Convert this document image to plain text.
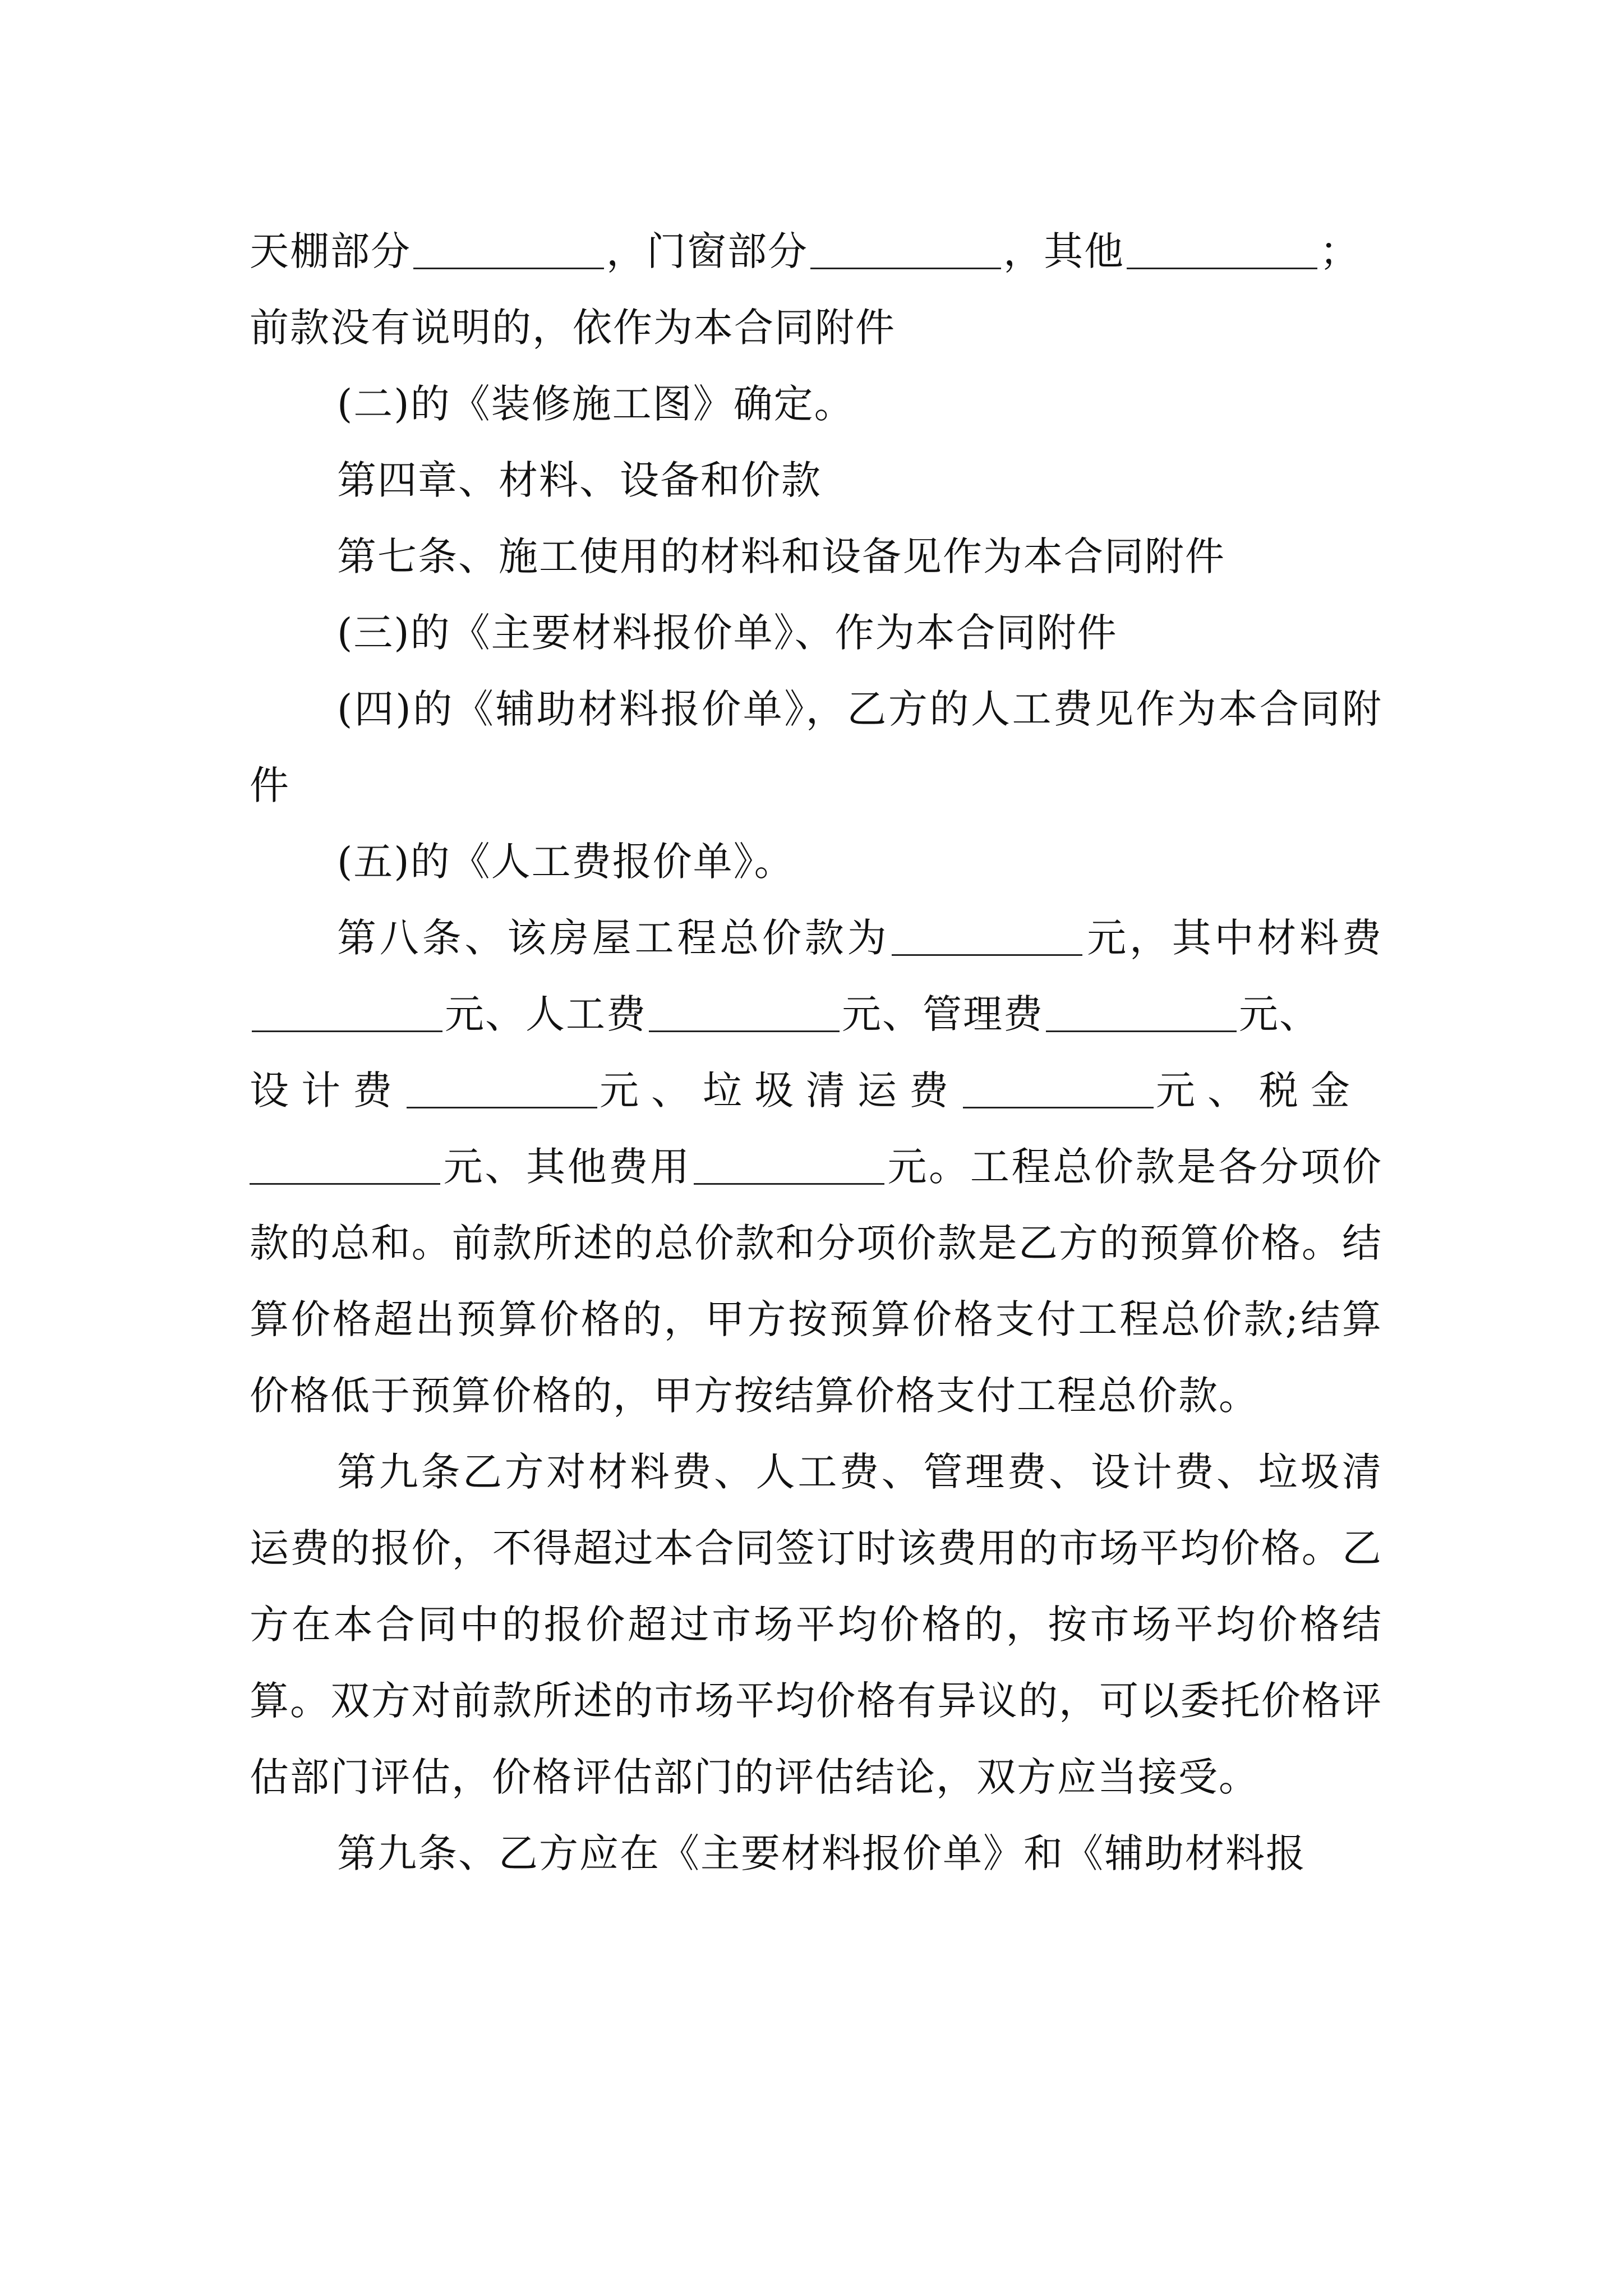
天棚部分	，门窗部分	，其他	；
前款没有说明的，依作为本合同附件

(二)的《装修施工图》确定。

第四章、材料、设备和价款

第七条、施工使用的材料和设备见作为本合同附件

(三)的《主要材料报价单》、作为本合同附件

(四)的《辅助材料报价单》，乙方的人工费见作为本合同附件

(五)的《人工费报价单》。

第八条、该房屋工程总价款为	元，其中材料费元、人工费	元、管理费	元、
设计费	元、垃圾清运费	元、税金
元、其他费用	元。工程总价款是各分项价款的总和。前款所述的总价款和分项价款是乙方的预算价格。结算价格超出预算价格的，甲方按预算价格支付工程总价款;结算价格低于预算价格的，甲方按结算价格支付工程总价款。

第九条乙方对材料费、人工费、管理费、设计费、垃圾清运费的报价，不得超过本合同签订时该费用的市场平均价格。乙方在本合同中的报价超过市场平均价格的，按市场平均价格结算。双方对前款所述的市场平均价格有异议的，可以委托价格评估部门评估，价格评估部门的评估结论，双方应当接受。

第九条、乙方应在《主要材料报价单》和《辅助材料报
